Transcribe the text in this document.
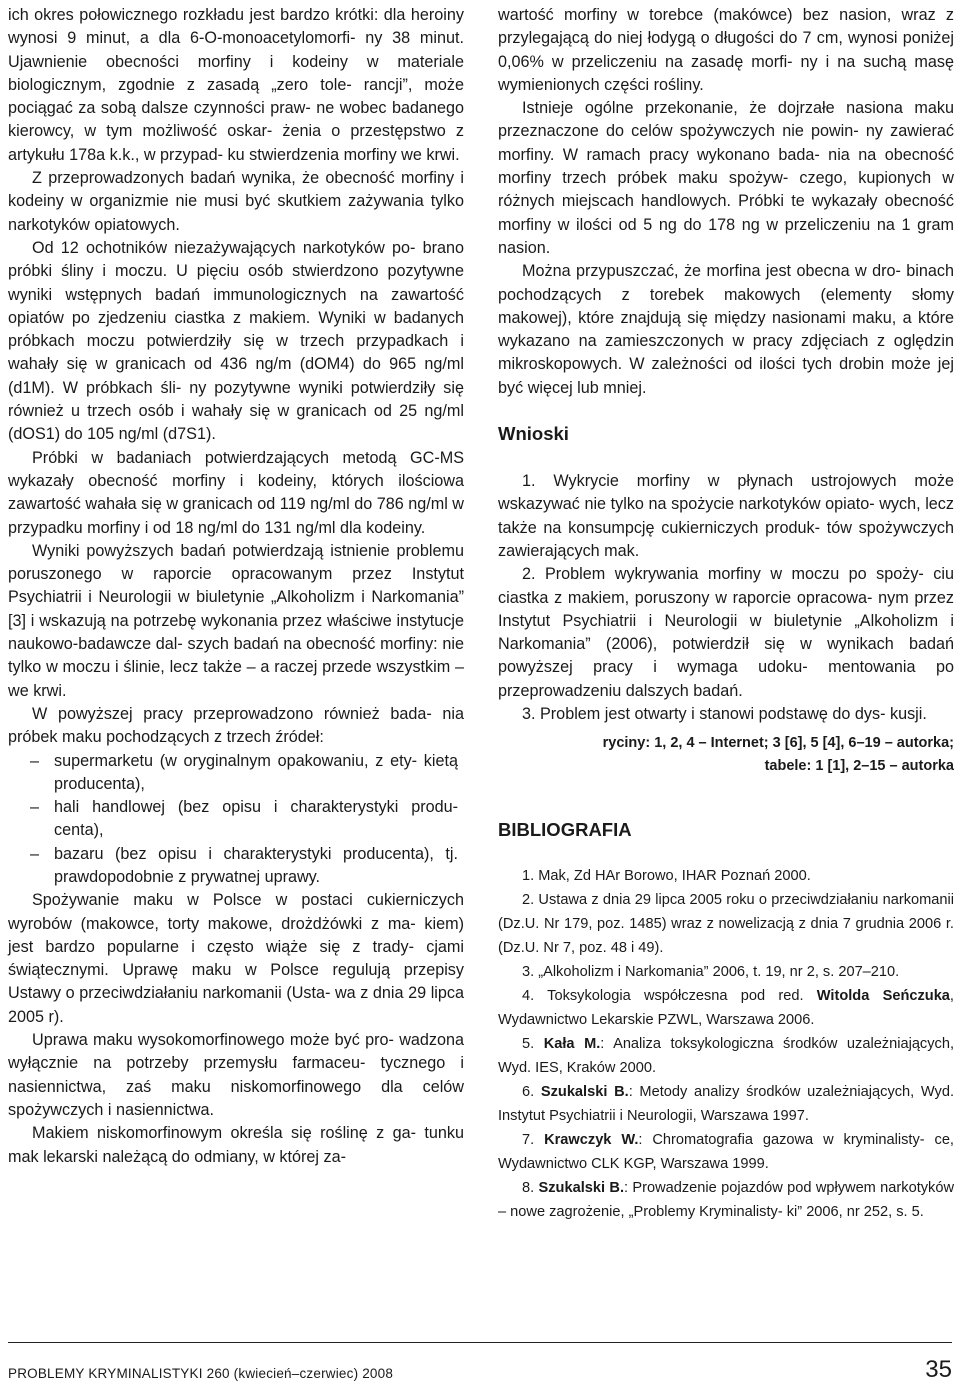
ich okres połowicznego rozkładu jest bardzo krótki: dla heroiny wynosi 9 minut, a dla 6-O-monoacetylomorfi- ny 38 minut. Ujawnienie obecności morfiny i kodeiny w materiale biologicznym, zgodnie z zasadą „zero tole- rancji”, może pociągać za sobą dalsze czynności praw- ne wobec badanego kierowcy, w tym możliwość oskar- żenia o przestępstwo z artykułu 178a k.k., w przypad- ku stwierdzenia morfiny we krwi.

Z przeprowadzonych badań wynika, że obecność morfiny i kodeiny w organizmie nie musi być skutkiem zażywania tylko narkotyków opiatowych.

Od 12 ochotników niezażywających narkotyków po- brano próbki śliny i moczu. U pięciu osób stwierdzono pozytywne wyniki wstępnych badań immunologicznych na zawartość opiatów po zjedzeniu ciastka z makiem. Wyniki w badanych próbkach moczu potwierdziły się w trzech przypadkach i wahały się w granicach od 436 ng/m (dOM4) do 965 ng/ml (d1M). W próbkach śli- ny pozytywne wyniki potwierdziły się również u trzech osób i wahały się w granicach od 25 ng/ml (dOS1) do 105 ng/ml (d7S1).

Próbki w badaniach potwierdzających metodą GC-MS wykazały obecność morfiny i kodeiny, których ilościowa zawartość wahała się w granicach od 119 ng/ml do 786 ng/ml w przypadku morfiny i od 18 ng/ml do 131 ng/ml dla kodeiny.

Wyniki powyższych badań potwierdzają istnienie problemu poruszonego w raporcie opracowanym przez Instytut Psychiatrii i Neurologii w biuletynie „Alkoholizm i Narkomania” [3] i wskazują na potrzebę wykonania przez właściwe instytucje naukowo-badawcze dal- szych badań na obecność morfiny: nie tylko w moczu i ślinie, lecz także – a raczej przede wszystkim – we krwi.

W powyższej pracy przeprowadzono również bada- nia próbek maku pochodzących z trzech źródeł:

– supermarketu (w oryginalnym opakowaniu, z ety- kietą producenta),
– hali handlowej (bez opisu i charakterystyki produ- centa),
– bazaru (bez opisu i charakterystyki producenta), tj. prawdopodobnie z prywatnej uprawy.

Spożywanie maku w Polsce w postaci cukierniczych wyrobów (makowce, torty makowe, drożdżówki z ma- kiem) jest bardzo popularne i często wiąże się z trady- cjami świątecznymi. Uprawę maku w Polsce regulują przepisy Ustawy o przeciwdziałaniu narkomanii (Usta- wa z dnia 29 lipca 2005 r).

Uprawa maku wysokomorfinowego może być pro- wadzona wyłącznie na potrzeby przemysłu farmaceu- tycznego i nasiennictwa, zaś maku niskomorfinowego dla celów spożywczych i nasiennictwa.

Makiem niskomorfinowym określa się roślinę z ga- tunku mak lekarski należącą do odmiany, w której za-

wartość morfiny w torebce (makówce) bez nasion, wraz z przylegającą do niej łodygą o długości do 7 cm, wynosi poniżej 0,06% w przeliczeniu na zasadę morfi- ny i na suchą masę wymienionych części rośliny.

Istnieje ogólne przekonanie, że dojrzałe nasiona maku przeznaczone do celów spożywczych nie powin- ny zawierać morfiny. W ramach pracy wykonano bada- nia na obecność morfiny trzech próbek maku spożyw- czego, kupionych w różnych miejscach handlowych. Próbki te wykazały obecność morfiny w ilości od 5 ng do 178 ng w przeliczeniu na 1 gram nasion.

Można przypuszczać, że morfina jest obecna w dro- binach pochodzących z torebek makowych (elementy słomy makowej), które znajdują się między nasionami maku, a które wykazano na zamieszczonych w pracy zdjęciach z oględzin mikroskopowych. W zależności od ilości tych drobin może jej być więcej lub mniej.

Wnioski

1. Wykrycie morfiny w płynach ustrojowych może wskazywać nie tylko na spożycie narkotyków opiato- wych, lecz także na konsumpcję cukierniczych produk- tów spożywczych zawierających mak.

2. Problem wykrywania morfiny w moczu po spoży- ciu ciastka z makiem, poruszony w raporcie opracowa- nym przez Instytut Psychiatrii i Neurologii w biuletynie „Alkoholizm i Narkomania” (2006), potwierdził się w wynikach badań powyższej pracy i wymaga udoku- mentowania po przeprowadzeniu dalszych badań.

3. Problem jest otwarty i stanowi podstawę do dys- kusji.

ryciny: 1, 2, 4 – Internet; 3 [6], 5 [4], 6–19 – autorka;
tabele: 1 [1], 2–15 – autorka
BIBLIOGRAFIA

1. Mak, Zd HAr Borowo, IHAR Poznań 2000.

2. Ustawa z dnia 29 lipca 2005 roku o przeciwdziałaniu narkomanii (Dz.U. Nr 179, poz. 1485) wraz z nowelizacją z dnia 7 grudnia 2006 r. (Dz.U. Nr 7, poz. 48 i 49).

3. „Alkoholizm i Narkomania” 2006, t. 19, nr 2, s. 207–210.

4. Toksykologia współczesna pod red. Witolda Seńczuka, Wydawnictwo Lekarskie PZWL, Warszawa 2006.

5. Kała M.: Analiza toksykologiczna środków uzależniających, Wyd. IES, Kraków 2000.

6. Szukalski B.: Metody analizy środków uzależniających, Wyd. Instytut Psychiatrii i Neurologii, Warszawa 1997.

7. Krawczyk W.: Chromatografia gazowa w kryminalisty- ce, Wydawnictwo CLK KGP, Warszawa 1999.

8. Szukalski B.: Prowadzenie pojazdów pod wpływem narkotyków – nowe zagrożenie, „Problemy Kryminalisty- ki” 2006, nr 252, s. 5.

PROBLEMY KRYMINALISTYKI 260 (kwiecień–czerwiec) 2008	35
